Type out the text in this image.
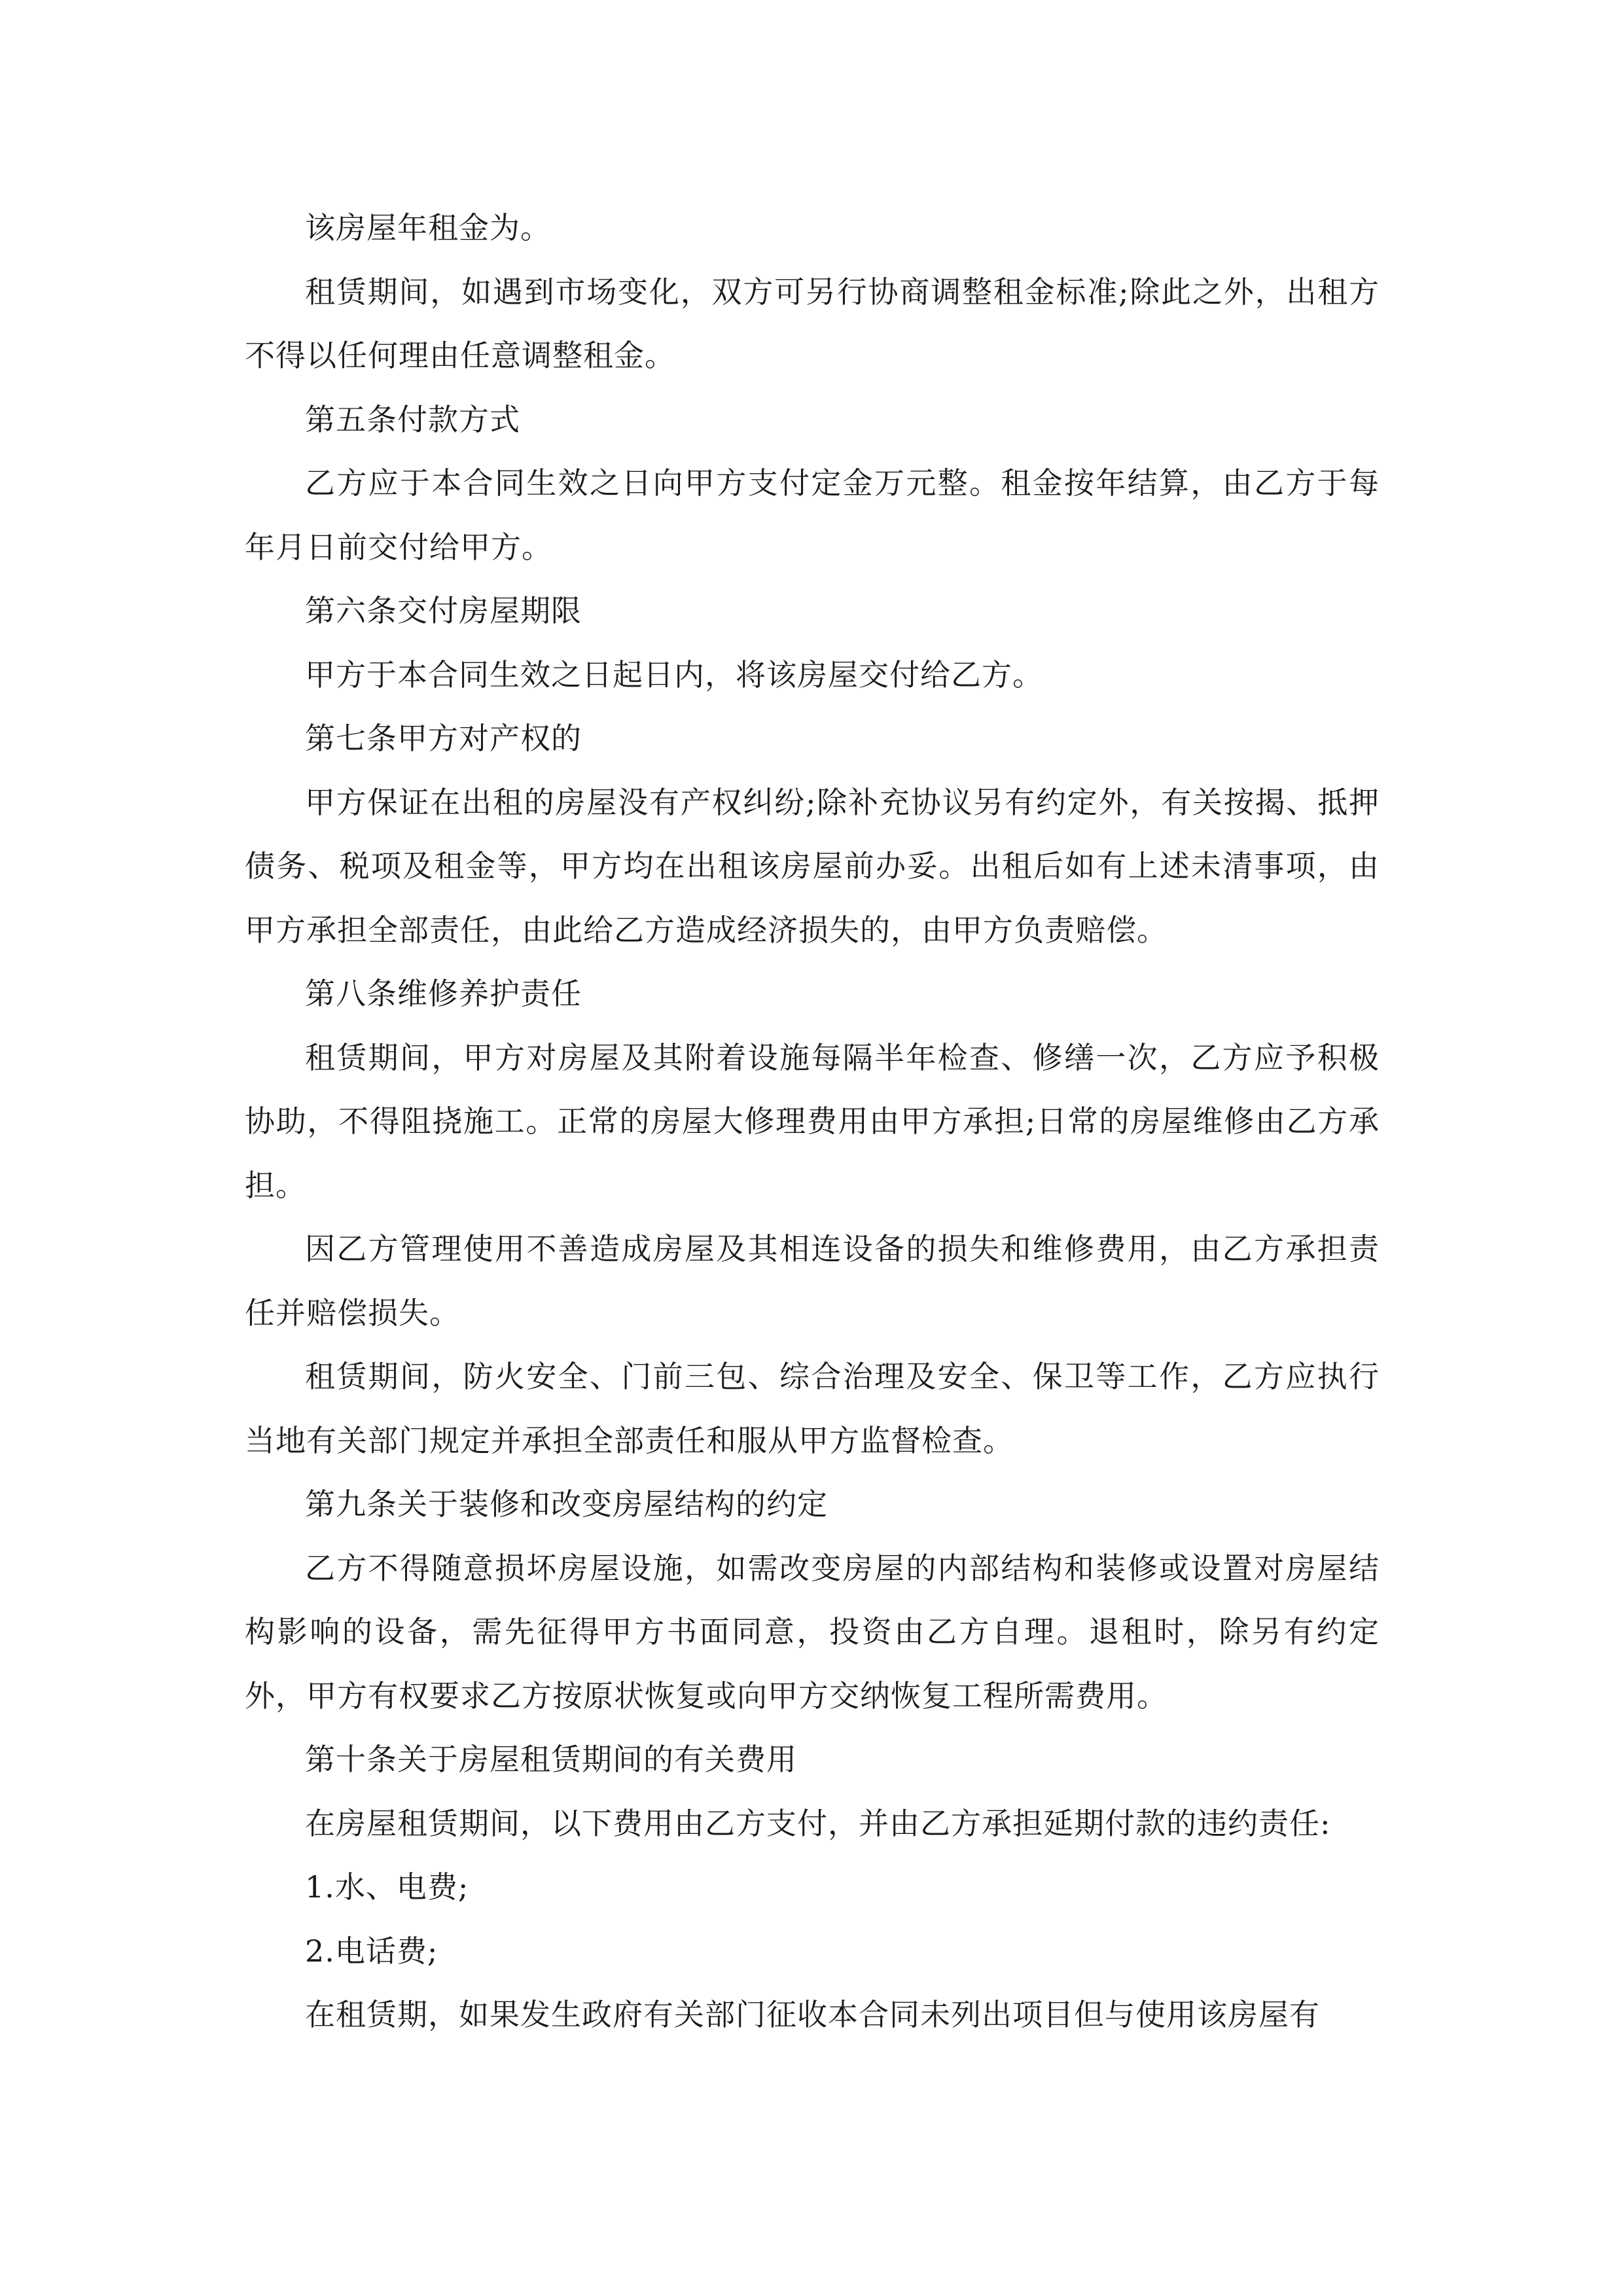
该房屋年租金为。

租赁期间，如遇到市场变化，双方可另行协商调整租金标准;除此之外，出租方不得以任何理由任意调整租金。

第五条付款方式

乙方应于本合同生效之日向甲方支付定金万元整。租金按年结算，由乙方于每年月日前交付给甲方。

第六条交付房屋期限

甲方于本合同生效之日起日内，将该房屋交付给乙方。

第七条甲方对产权的

甲方保证在出租的房屋没有产权纠纷;除补充协议另有约定外，有关按揭、抵押债务、税项及租金等，甲方均在出租该房屋前办妥。出租后如有上述未清事项，由甲方承担全部责任，由此给乙方造成经济损失的，由甲方负责赔偿。

第八条维修养护责任

租赁期间，甲方对房屋及其附着设施每隔半年检查、修缮一次，乙方应予积极协助，不得阻挠施工。正常的房屋大修理费用由甲方承担;日常的房屋维修由乙方承担。

因乙方管理使用不善造成房屋及其相连设备的损失和维修费用，由乙方承担责任并赔偿损失。

租赁期间，防火安全、门前三包、综合治理及安全、保卫等工作，乙方应执行当地有关部门规定并承担全部责任和服从甲方监督检查。

第九条关于装修和改变房屋结构的约定

乙方不得随意损坏房屋设施，如需改变房屋的内部结构和装修或设置对房屋结构影响的设备，需先征得甲方书面同意，投资由乙方自理。退租时，除另有约定外，甲方有权要求乙方按原状恢复或向甲方交纳恢复工程所需费用。

第十条关于房屋租赁期间的有关费用

在房屋租赁期间，以下费用由乙方支付，并由乙方承担延期付款的违约责任:

1.水、电费;

2.电话费;

在租赁期，如果发生政府有关部门征收本合同未列出项目但与使用该房屋有
